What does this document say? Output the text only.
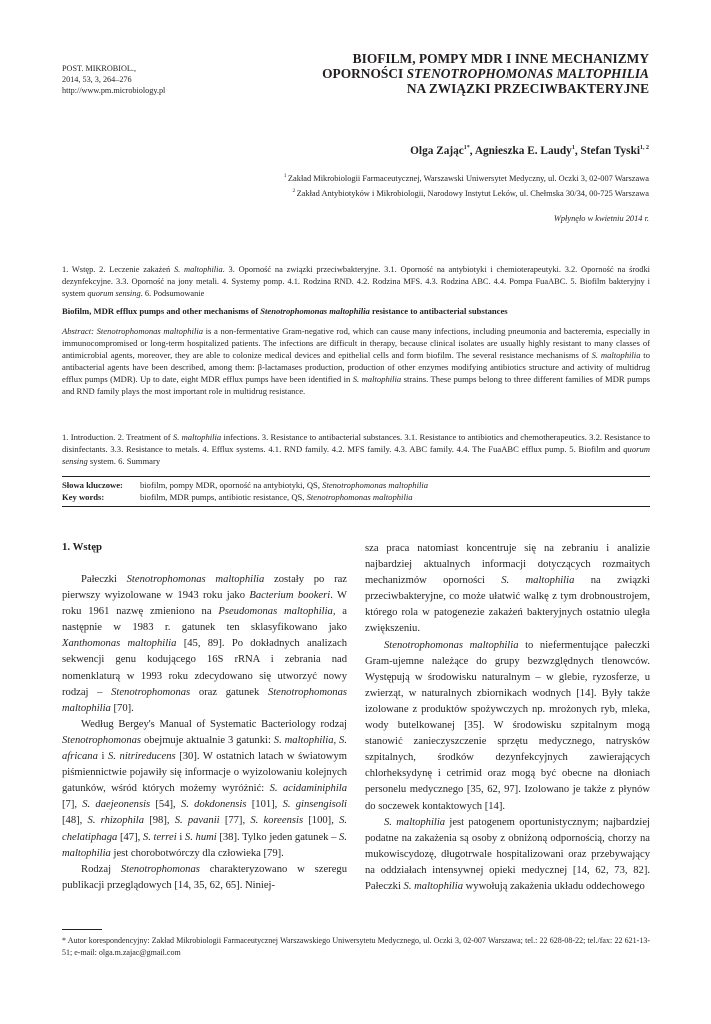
POST. MIKROBIOL.,
2014, 53, 3, 264–276
http://www.pm.microbiology.pl
BIOFILM, POMPY MDR I INNE MECHANIZMY
OPORNOŚCI STENOTROPHOMONAS MALTOPHILIA
NA ZWIĄZKI PRZECIWBAKTERYJNE
Olga Zając$^{1*}$, Agnieszka E. Laudy$^1$, Stefan Tyski$^{1, 2}$
$^1$ Zakład Mikrobiologii Farmaceutycznej, Warszawski Uniwersytet Medyczny, ul. Oczki 3, 02-007 Warszawa
$^2$ Zakład Antybiotyków i Mikrobiologii, Narodowy Instytut Leków, ul. Chełmska 30/34, 00-725 Warszawa
Wpłynęło w kwietniu 2014 r.
1. Wstęp. 2. Leczenie zakażeń S. maltophilia. 3. Oporność na związki przeciwbakteryjne. 3.1. Oporność na antybiotyki i chemioterapeutyki. 3.2. Oporność na środki dezynfekcyjne. 3.3. Oporność na jony metali. 4. Systemy pomp. 4.1. Rodzina RND. 4.2. Rodzina MFS. 4.3. Rodzina ABC. 4.4. Pompa FuaABC. 5. Biofilm bakteryjny i system quorum sensing. 6. Podsumowanie
Biofilm, MDR efflux pumps and other mechanisms of Stenotrophomonas maltophilia resistance to antibacterial substances
Abstract: Stenotrophomonas maltophilia is a non-fermentative Gram-negative rod, which can cause many infections, including pneumonia and bacteremia, especially in immunocompromised or long-term hospitalized patients. The infections are difficult in therapy, because clinical isolates are usually highly resistant to many classes of antimicrobial agents, moreover, they are able to colonize medical devices and epithelial cells and form biofilm. The several resistance mechanisms of S. maltophilia to antibacterial agents have been described, among them: β-lactamases production, production of other enzymes modifying antibiotics structure and activity of multidrug efflux pumps (MDR). Up to date, eight MDR efflux pumps have been identified in S. maltophilia strains. These pumps belong to three different families of MDR pumps and RND family plays the most important role in multidrug resistance.
1. Introduction. 2. Treatment of S. maltophilia infections. 3. Resistance to antibacterial substances. 3.1. Resistance to antibiotics and chemotherapeutics. 3.2. Resistance to disinfectants. 3.3. Resistance to metals. 4. Efflux systems. 4.1. RND family. 4.2. MFS family. 4.3. ABC family. 4.4. The FuaABC efflux pump. 5. Biofilm and quorum sensing system. 6. Summary
Słowa kluczowe: biofilm, pompy MDR, oporność na antybiotyki, QS, Stenotrophomonas maltophilia
Key words:	biofilm, MDR pumps, antibiotic resistance, QS, Stenotrophomonas maltophilia
1. Wstęp

Pałeczki Stenotrophomonas maltophilia zostały po raz pierwszy wyizolowane w 1943 roku jako Bacterium bookeri. W roku 1961 nazwę zmieniono na Pseudomonas maltophilia, a następnie w 1983 r. gatunek ten sklasyfikowano jako Xanthomonas maltophilia [45, 89]. Po dokładnych analizach sekwencji genu kodującego 16S rRNA i zebrania nad nomenklaturą w 1993 roku zdecydowano się utworzyć nowy rodzaj – Stenotrophomonas oraz gatunek Stenotrophomonas maltophilia [70].

Według Bergey's Manual of Systematic Bacteriology rodzaj Stenotrophomonas obejmuje aktualnie 3 gatunki: S. maltophilia, S. africana i S. nitrireducens [30]. W ostatnich latach w światowym piśmiennictwie pojawiły się informacje o wyizolowaniu kolejnych gatunków, wśród których możemy wyróżnić: S. acidaminiphila [7], S. daejeonensis [54], S. dokdonensis [101], S. ginsengisoli [48], S. rhizophila [98], S. pavanii [77], S. koreensis [100], S. chelatiphaga [47], S. terrei i S. humi [38]. Tylko jeden gatunek – S. maltophilia jest chorobotwórczy dla człowieka [79].

Rodzaj Stenotrophomonas charakteryzowano w szeregu publikacji przeglądowych [14, 35, 62, 65]. Niniej-

sza praca natomiast koncentruje się na zebraniu i analizie najbardziej aktualnych informacji dotyczących rozmaitych mechanizmów oporności S. maltophilia na związki przeciwbakteryjne, co może ułatwić walkę z tym drobnoustrojem, którego rola w patogenezie zakażeń bakteryjnych ostatnio uległa zwiększeniu.

Stenotrophomonas maltophilia to niefermentujące pałeczki Gram-ujemne należące do grupy bezwzględnych tlenowców. Występują w środowisku naturalnym – w glebie, ryzosferze, u zwierząt, w naturalnych zbiornikach wodnych [14]. Były także izolowane z produktów spożywczych np. mrożonych ryb, mleka, wody butelkowanej [35]. W środowisku szpitalnym mogą stanowić zanieczyszczenie sprzętu medycznego, natrysków szpitalnych, środków dezynfekcyjnych zawierających chlorheksydynę i cetrimid oraz mogą być obecne na dłoniach personelu medycznego [35, 62, 97]. Izolowano je także z płynów do soczewek kontaktowych [14].

S. maltophilia jest patogenem oportunistycznym; najbardziej podatne na zakażenia są osoby z obniżoną odpornością, chorzy na mukowiscydozę, długotrwale hospitalizowani oraz przebywający na oddziałach intensywnej opieki medycznej [14, 62, 73, 82]. Pałeczki S. maltophilia wywołują zakażenia układu oddechowego

* Autor korespondencyjny: Zakład Mikrobiologii Farmaceutycznej Warszawskiego Uniwersytetu Medycznego, ul. Oczki 3, 02-007 Warszawa; tel.: 22 628-08-22; tel./fax: 22 621-13-51; e-mail: olga.m.zajac@gmail.com
